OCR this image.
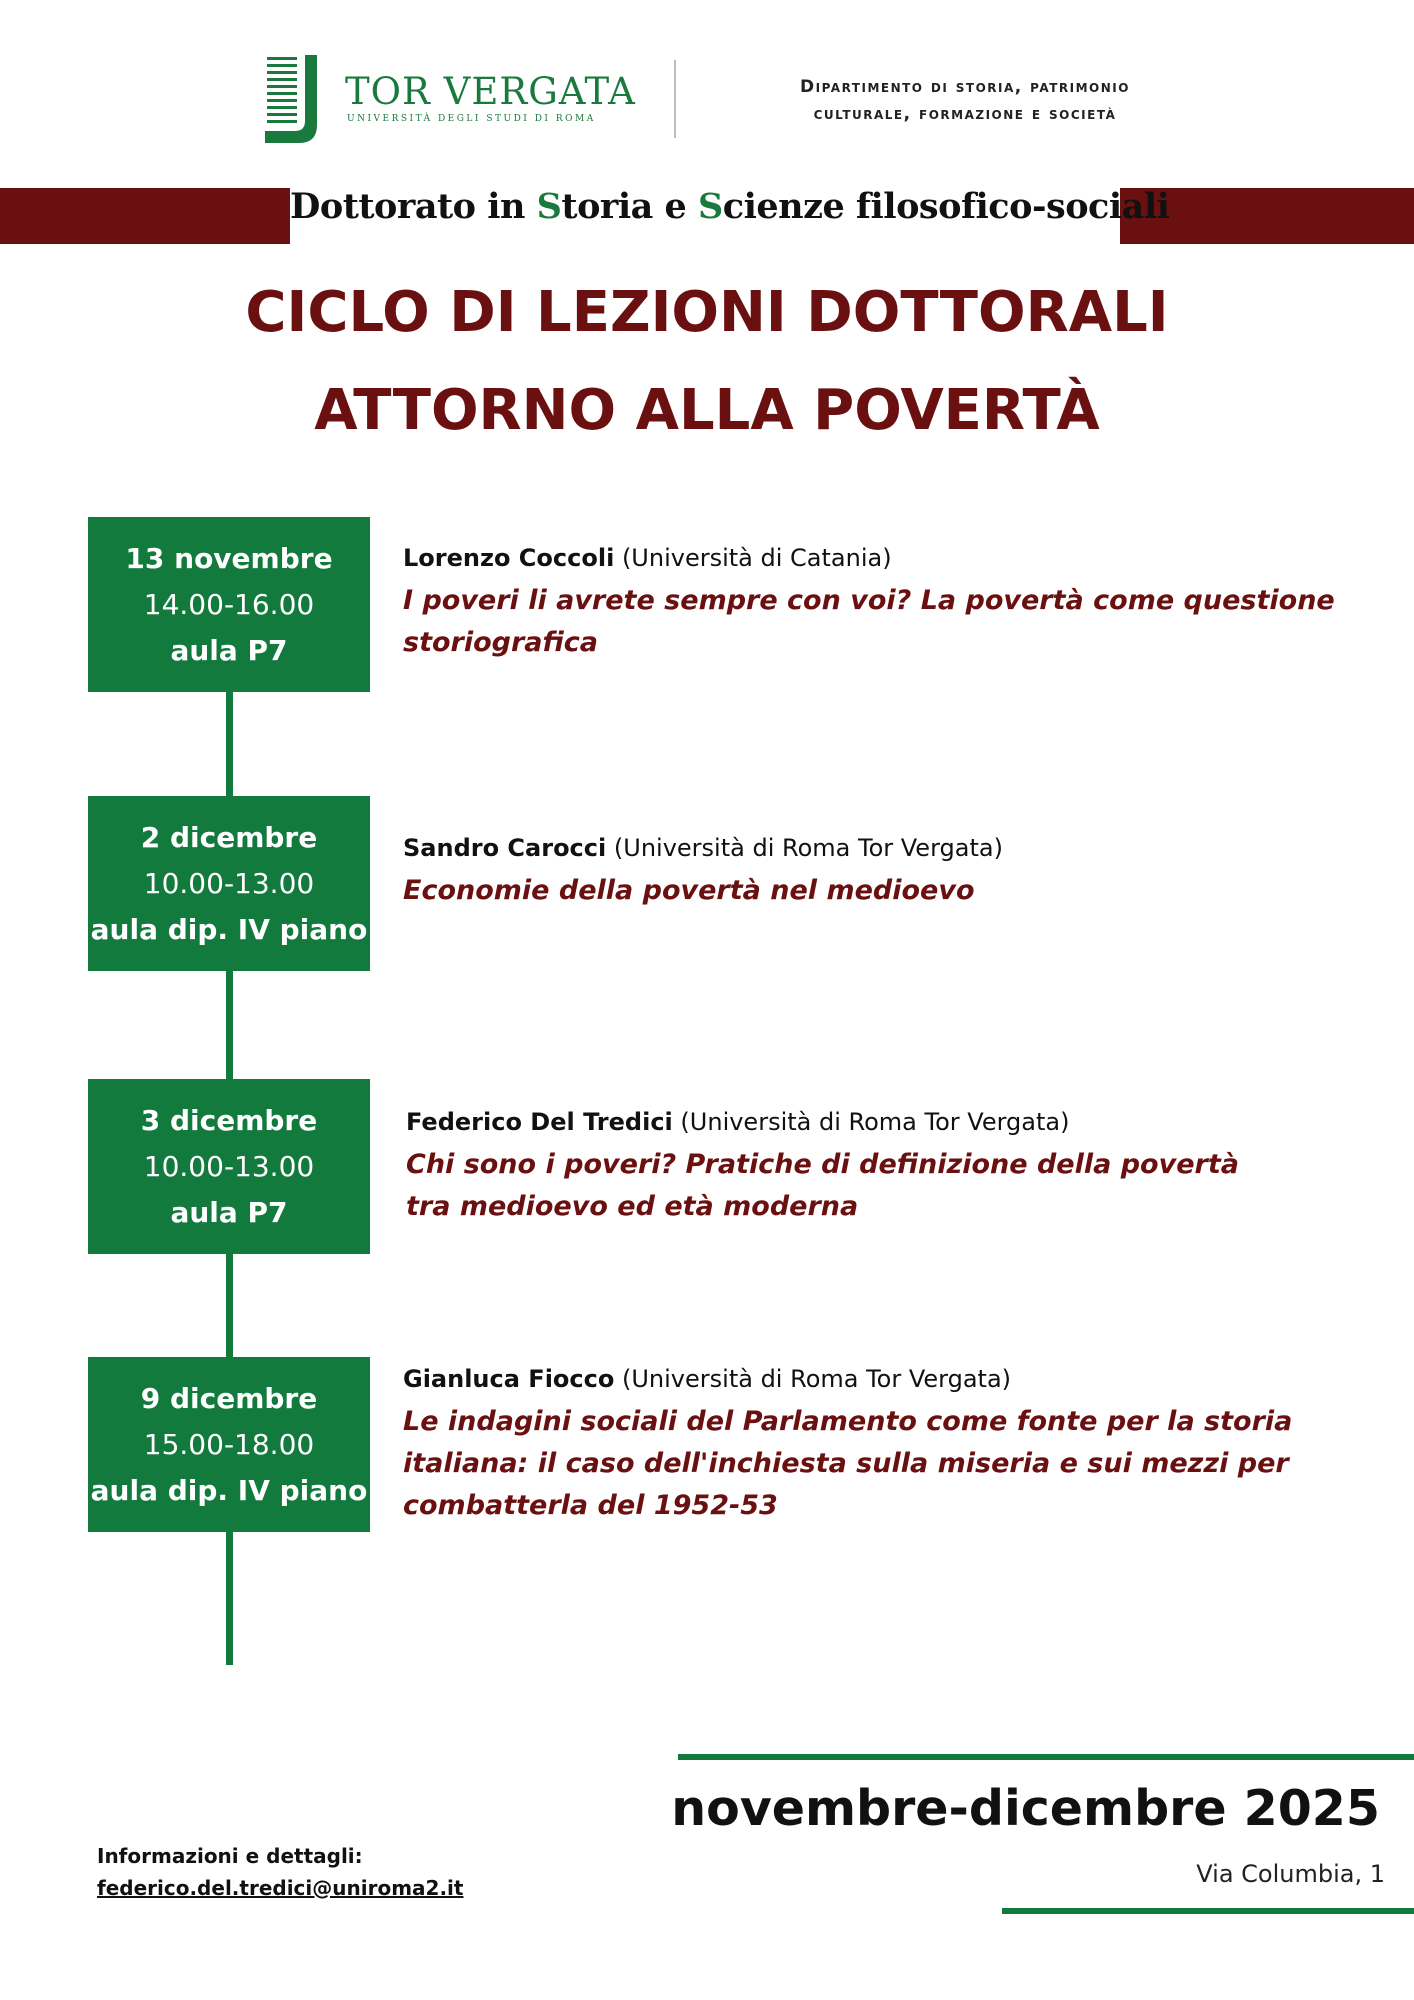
TOR VERGATA
UNIVERSITÀ DEGLI STUDI DI ROMA
Dipartimento di storia, patrimonio
culturale, formazione e società
Dottorato in Storia e Scienze filosofico-sociali
CICLO DI LEZIONI DOTTORALI
ATTORNO ALLA POVERTÀ
13 novembre
14.00-16.00
aula P7
Lorenzo Coccoli (Università di Catania)
I poveri li avrete sempre con voi? La povertà come questione storiografica
2 dicembre
10.00-13.00
aula dip. IV piano
Sandro Carocci (Università di Roma Tor Vergata)
Economie della povertà nel medioevo
3 dicembre
10.00-13.00
aula P7
Federico Del Tredici (Università di Roma Tor Vergata)
Chi sono i poveri? Pratiche di definizione della povertà tra medioevo ed età moderna
9 dicembre
15.00-18.00
aula dip. IV piano
Gianluca Fiocco (Università di Roma Tor Vergata)
Le indagini sociali del Parlamento come fonte per la storia italiana: il caso dell'inchiesta sulla miseria e sui mezzi per combatterla del 1952-53
novembre-dicembre 2025
Via Columbia, 1
Informazioni e dettagli:
federico.del.tredici@uniroma2.it
